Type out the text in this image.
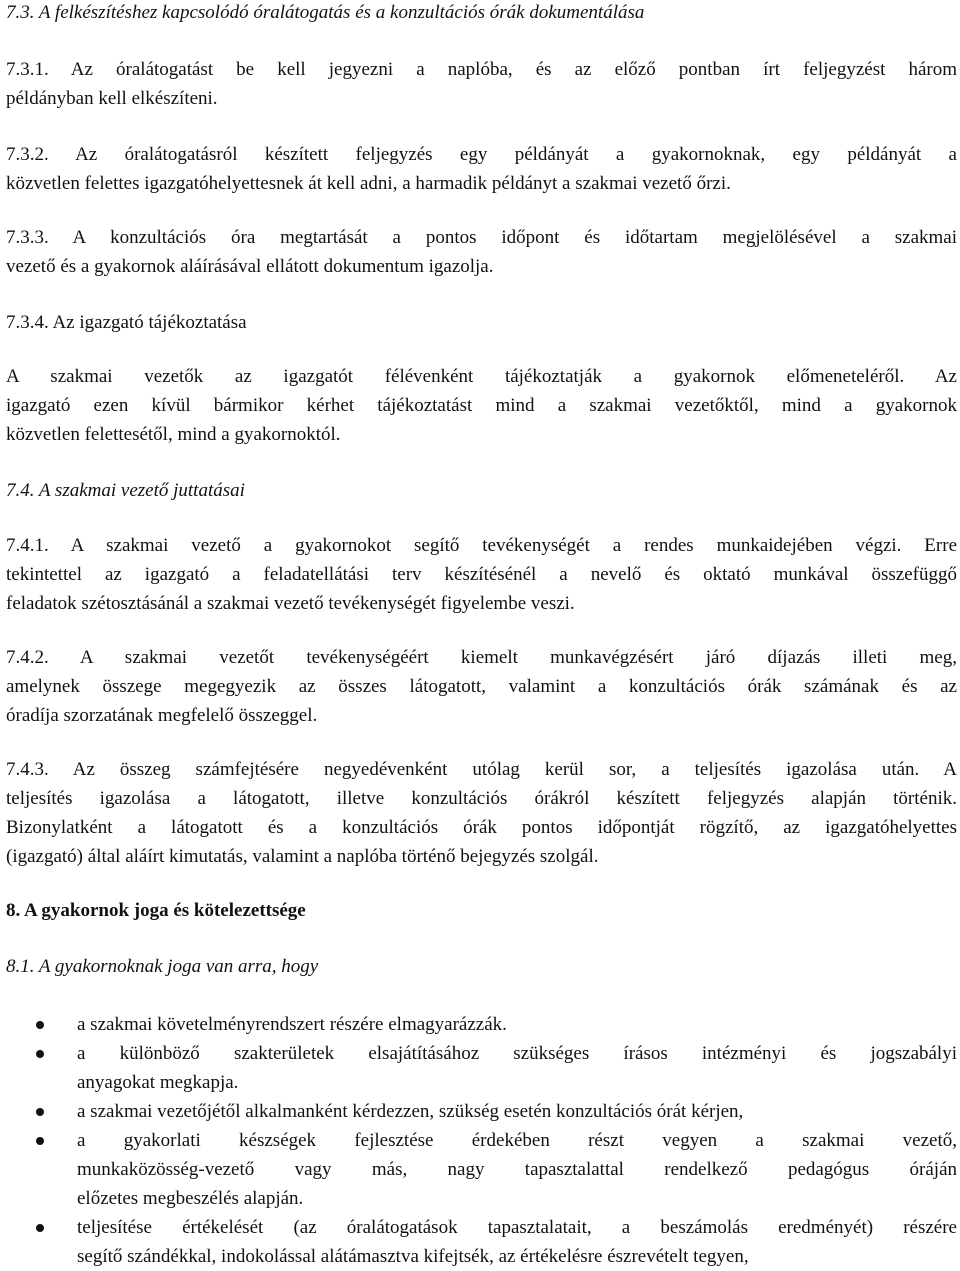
7.3. A felkészítéshez kapcsolódó óralátogatás és a konzultációs órák dokumentálása
7.3.1. Az óralátogatást be kell jegyezni a naplóba, és az előző pontban írt feljegyzést három
példányban kell elkészíteni.
7.3.2. Az óralátogatásról készített feljegyzés egy példányát a gyakornoknak, egy példányát a
közvetlen felettes igazgatóhelyettesnek át kell adni, a harmadik példányt a szakmai vezető őrzi.
7.3.3. A konzultációs óra megtartását a pontos időpont és időtartam megjelölésével a szakmai
vezető és a gyakornok aláírásával ellátott dokumentum igazolja.
7.3.4. Az igazgató tájékoztatása
A szakmai vezetők az igazgatót félévenként tájékoztatják a gyakornok előmeneteléről. Az
igazgató ezen kívül bármikor kérhet tájékoztatást mind a szakmai vezetőktől, mind a gyakornok
közvetlen felettesétől, mind a gyakornoktól.
7.4. A szakmai vezető juttatásai
7.4.1. A szakmai vezető a gyakornokot segítő tevékenységét a rendes munkaidejében végzi. Erre
tekintettel az igazgató a feladatellátási terv készítésénél a nevelő és oktató munkával összefüggő
feladatok szétosztásánál a szakmai vezető tevékenységét figyelembe veszi.
7.4.2. A szakmai vezetőt tevékenységéért kiemelt munkavégzésért járó díjazás illeti meg,
amelynek összege megegyezik az összes látogatott, valamint a konzultációs órák számának és az
óradíja szorzatának megfelelő összeggel.
7.4.3. Az összeg számfejtésére negyedévenként utólag kerül sor, a teljesítés igazolása után. A
teljesítés igazolása a látogatott, illetve konzultációs órákról készített feljegyzés alapján történik.
Bizonylatként a látogatott és a konzultációs órák pontos időpontját rögzítő, az igazgatóhelyettes
(igazgató) által aláírt kimutatás, valamint a naplóba történő bejegyzés szolgál.
8. A gyakornok joga és kötelezettsége
8.1. A gyakornoknak joga van arra, hogy
a szakmai követelményrendszert részére elmagyarázzák.
a különböző szakterületek elsajátításához szükséges írásos intézményi és jogszabályi
anyagokat megkapja.
a szakmai vezetőjétől alkalmanként kérdezzen, szükség esetén konzultációs órát kérjen,
a gyakorlati készségek fejlesztése érdekében részt vegyen a szakmai vezető,
munkaközösség-vezető vagy más, nagy tapasztalattal rendelkező pedagógus óráján
előzetes megbeszélés alapján.
teljesítése értékelését (az óralátogatások tapasztalatait, a beszámolás eredményét) részére
segítő szándékkal, indokolással alátámasztva kifejtsék, az értékelésre észrevételt tegyen,
